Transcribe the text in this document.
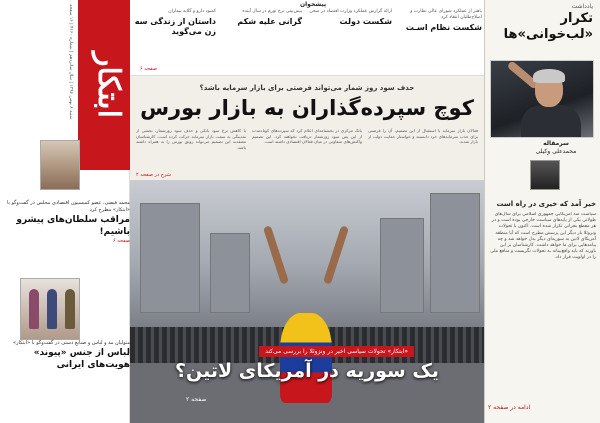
یادداشت
تکرار «لب‌خوانی»ها
سرمقاله
محمدعلی وکیلی
خیر آمد که خیری در راه است
سیاست ضد آمریکایی جمهوری اسلامی برای سال‌های طولانی یکی از پایه‌های سیاست خارجی بوده است و در هر مقطع بحرانی تکرار شده است. اکنون با تحولات ونزوئلا بار دیگر این پرسش مطرح است که آیا منطقه آمریکای لاتین به سوریه‌ای دیگر بدل خواهد شد و چه پیامدهایی برای ما خواهد داشت. کارشناسان بر این باورند که باید واقع‌بینانه به تحولات نگریست و منافع ملی را در اولویت قرار داد.
ادامه در صفحه ۲
ابتکار
شنبه ۸ بهمن ۱۳۹۷ | سال شانزدهم | شماره ۴۱۶۰ | ۱۶ صفحه
محمد فیضی، عضو کمیسیون اقتصادی مجلس در گفت‌وگو با «ابتکار» مطرح کرد
مراقب سلطان‌های پیشرو باشیم!
صفحه ۶
متولیان مد و لباس و صنایع دستی در گفت‌وگو با «ابتکار»
لباس از جنس «پیوند» هویت‌های ایرانی
پیشخوان
باهنر از عملکرد شورای عالی نظارت و اصلاح‌طلبان انتقاد کرد
شکست نظام اسـت
ارائه گزارش عملکرد وزارت اقتصاد در صحن
شکست دولت
پیش‌بینی نرخ تورم در سال آینده
گرانی علیه شکم
کمبود دارو و گلایه بیماران
داستان از زندگی سه زن می‌گوید
صفحه ۶
حذف سود روز شمار می‌تواند فرصتی برای بازار سرمایه باشد؟
کوچ سپرده‌گذاران به بازار بورس
با کاهش نرخ سود بانکی و حذف سود روزشمار، بخشی از نقدینگی به سمت بازار سرمایه حرکت کرده است. کارشناسان معتقدند این تصمیم می‌تواند رونق بورس را به همراه داشته باشد.
بانک مرکزی در بخشنامه‌ای اعلام کرد که سپرده‌های کوتاه‌مدت از این پس سود روزشمار دریافت نخواهند کرد. این تصمیم واکنش‌های متفاوتی در میان فعالان اقتصادی داشته است.
فعالان بازار سرمایه با استقبال از این تصمیم، آن را فرصتی برای جذب سرمایه‌های خرد دانستند و خواستار حمایت دولت از بازار شدند.
شرح در صفحه ۲
«ابتکار» تحولات سیاسی اخیر در ونزوئلا را بررسی می‌کند
یک سوریه در آمریکای لاتین؟
صفحه ۲
